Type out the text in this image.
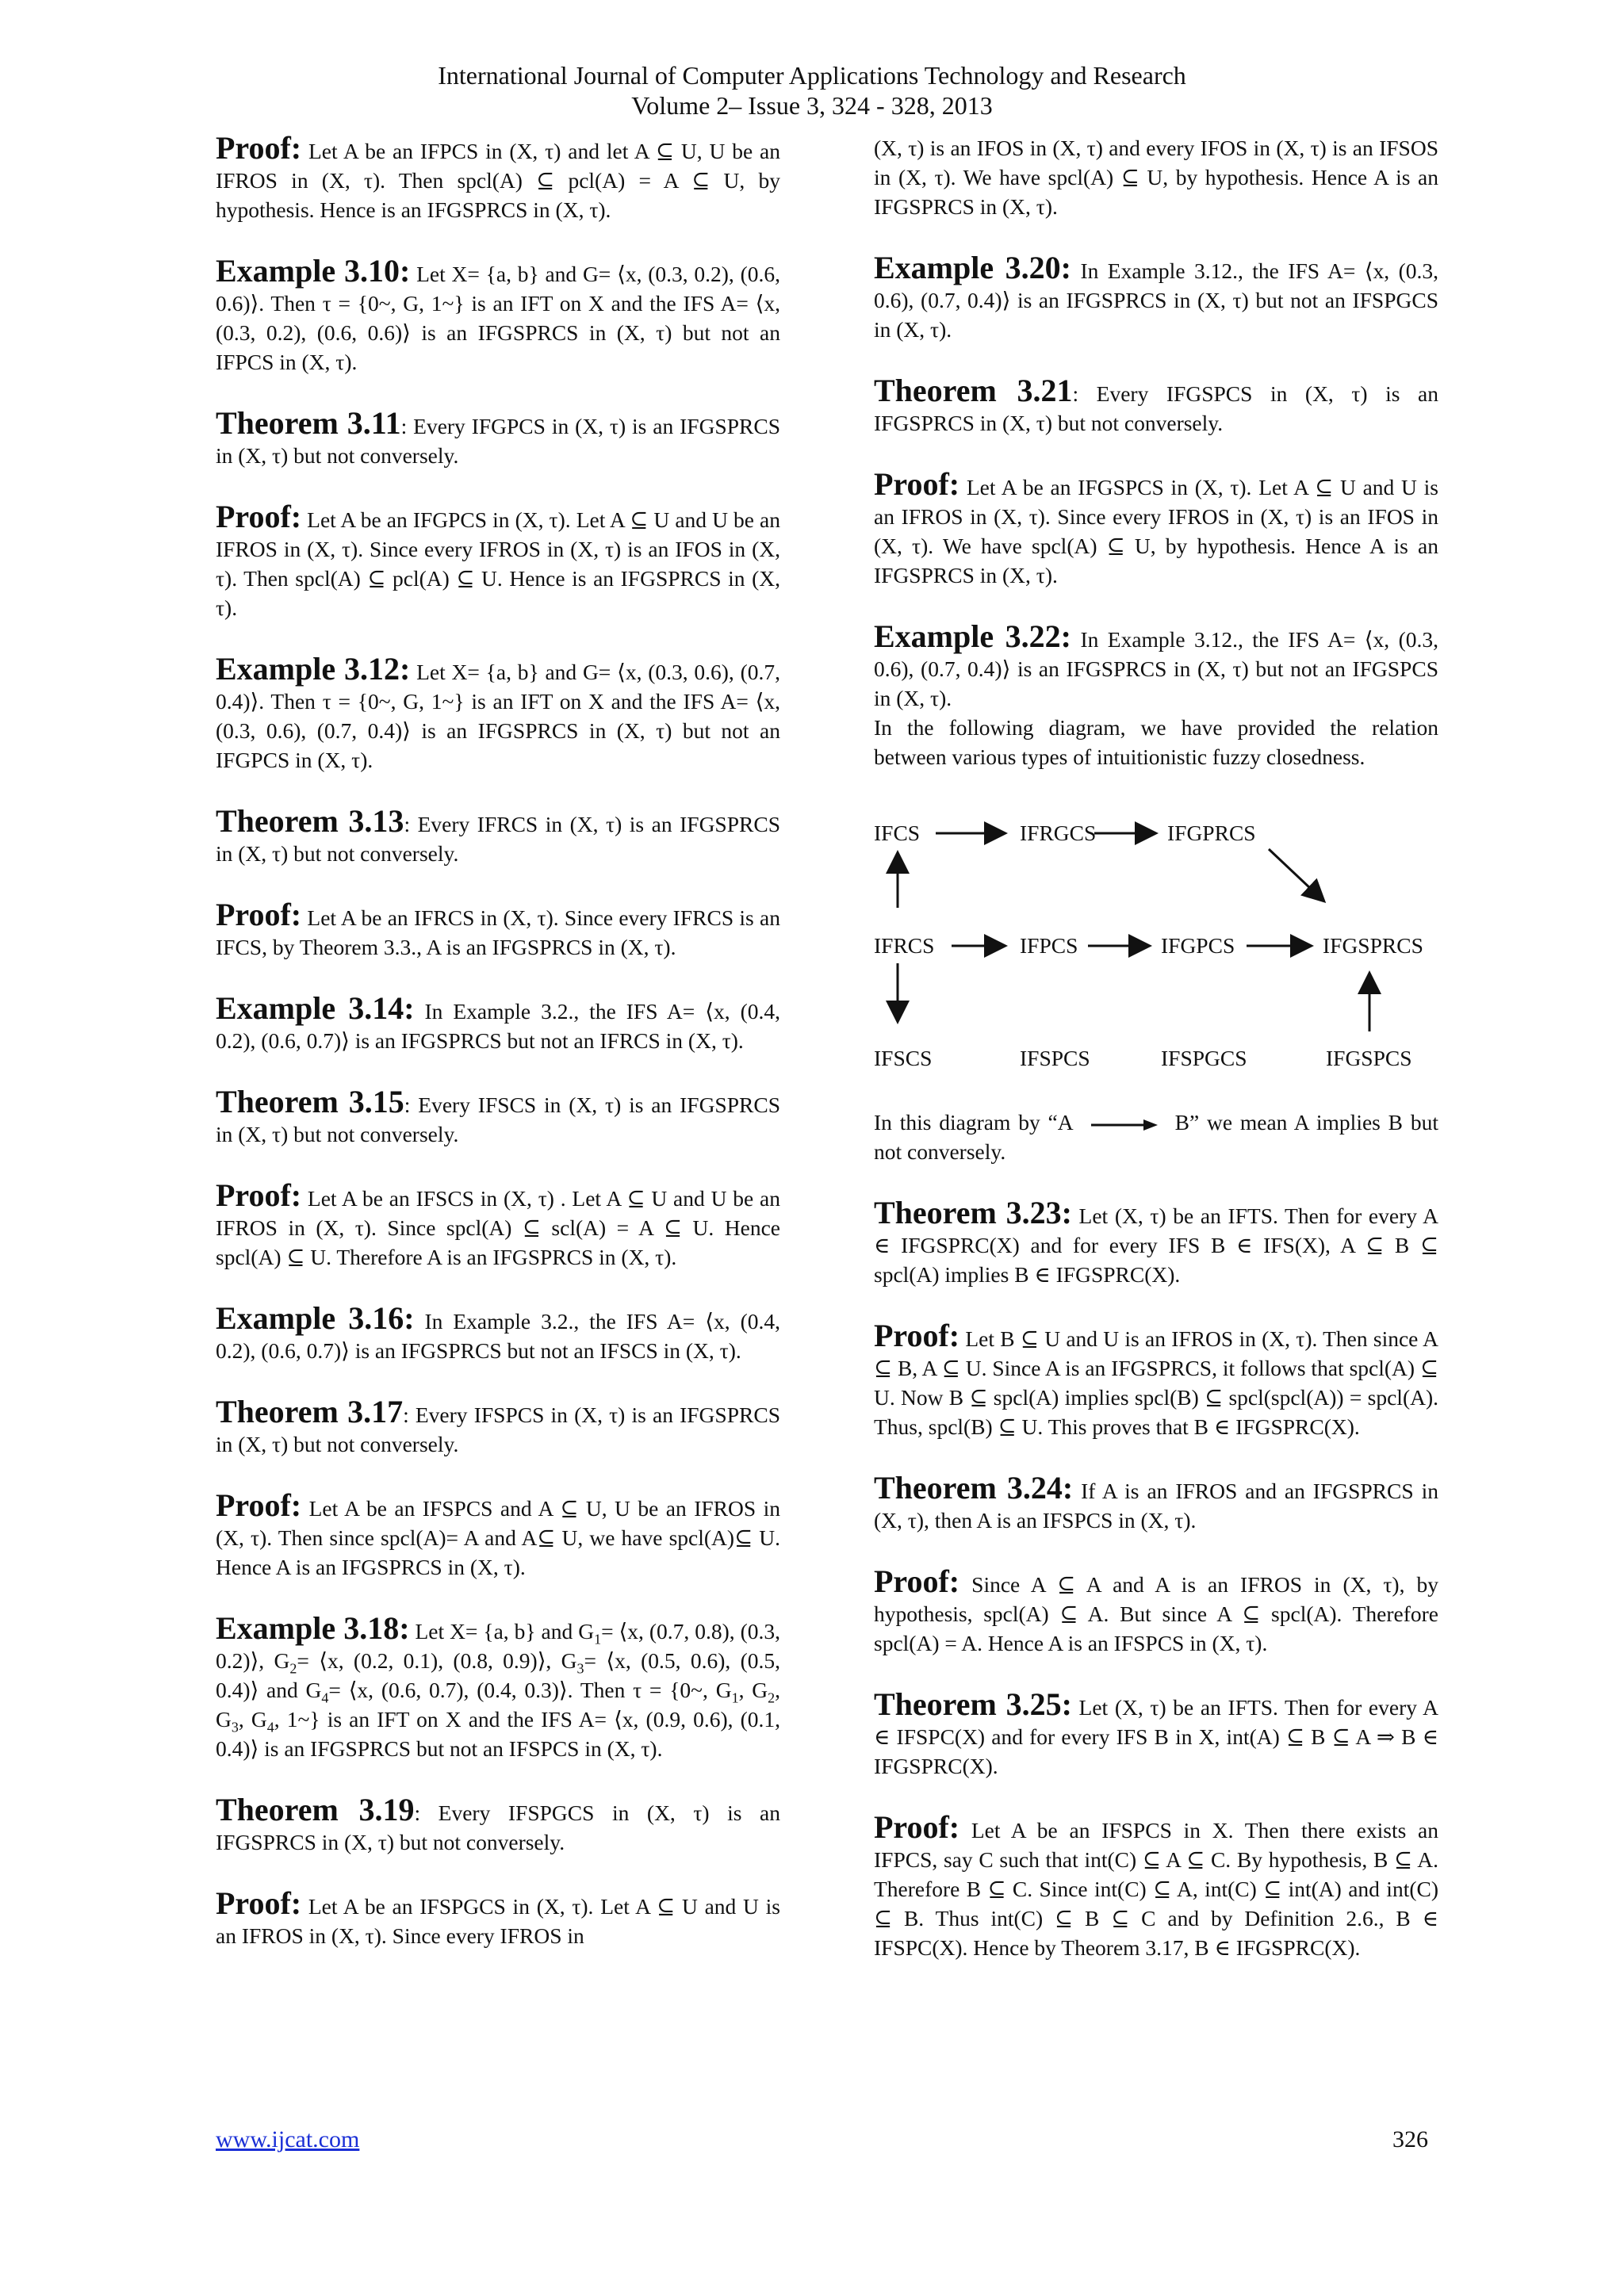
International Journal of Computer Applications Technology and Research
Volume 2– Issue 3, 324 - 328, 2013
Proof: Let A be an IFPCS in (X, τ) and let A ⊆ U, U be an IFROS in (X, τ). Then spcl(A) ⊆ pcl(A) = A ⊆ U, by hypothesis. Hence is an IFGSPRCS in (X, τ).
Example 3.10: Let X= {a, b} and G= ⟨x, (0.3, 0.2), (0.6, 0.6)⟩. Then τ = {0~, G, 1~} is an IFT on X and the IFS A= ⟨x, (0.3, 0.2), (0.6, 0.6)⟩ is an IFGSPRCS in (X, τ) but not an IFPCS in (X, τ).
Theorem 3.11: Every IFGPCS in (X, τ) is an IFGSPRCS in (X, τ) but not conversely.
Proof: Let A be an IFGPCS in (X, τ). Let A ⊆ U and U be an IFROS in (X, τ). Since every IFROS in (X, τ) is an IFOS in (X, τ). Then spcl(A) ⊆ pcl(A) ⊆ U. Hence is an IFGSPRCS in (X, τ).
Example 3.12: Let X= {a, b} and G= ⟨x, (0.3, 0.6), (0.7, 0.4)⟩. Then τ = {0~, G, 1~} is an IFT on X and the IFS A= ⟨x, (0.3, 0.6), (0.7, 0.4)⟩ is an IFGSPRCS in (X, τ) but not an IFGPCS in (X, τ).
Theorem 3.13: Every IFRCS in (X, τ) is an IFGSPRCS in (X, τ) but not conversely.
Proof: Let A be an IFRCS in (X, τ). Since every IFRCS is an IFCS, by Theorem 3.3., A is an IFGSPRCS in (X, τ).
Example 3.14: In Example 3.2., the IFS A= ⟨x, (0.4, 0.2), (0.6, 0.7)⟩ is an IFGSPRCS but not an IFRCS in (X, τ).
Theorem 3.15: Every IFSCS in (X, τ) is an IFGSPRCS in (X, τ) but not conversely.
Proof: Let A be an IFSCS in (X, τ) . Let A ⊆ U and U be an IFROS in (X, τ). Since spcl(A) ⊆ scl(A) = A ⊆ U. Hence spcl(A) ⊆ U. Therefore A is an IFGSPRCS in (X, τ).
Example 3.16: In Example 3.2., the IFS A= ⟨x, (0.4, 0.2), (0.6, 0.7)⟩ is an IFGSPRCS but not an IFSCS in (X, τ).
Theorem 3.17: Every IFSPCS in (X, τ) is an IFGSPRCS in (X, τ) but not conversely.
Proof: Let A be an IFSPCS and A ⊆ U, U be an IFROS in (X, τ). Then since spcl(A)= A and A⊆ U, we have spcl(A)⊆ U. Hence A is an IFGSPRCS in (X, τ).
Example 3.18: Let X= {a, b} and $G_1=$ ⟨x, (0.7, 0.8), (0.3, 0.2)⟩, $G_2=$ ⟨x, (0.2, 0.1), (0.8, 0.9)⟩, $G_3=$ ⟨x, (0.5, 0.6), (0.5, 0.4)⟩ and $G_4=$ ⟨x, (0.6, 0.7), (0.4, 0.3)⟩. Then τ = {0~, $G_1$, $G_2$, $G_3$, $G_4$, 1~} is an IFT on X and the IFS A= ⟨x, (0.9, 0.6), (0.1, 0.4)⟩ is an IFGSPRCS but not an IFSPCS in (X, τ).
Theorem 3.19: Every IFSPGCS in (X, τ) is an IFGSPRCS in (X, τ) but not conversely.
Proof: Let A be an IFSPGCS in (X, τ). Let A ⊆ U and U is an IFROS in (X, τ). Since every IFROS in
(X, τ) is an IFOS in (X, τ) and every IFOS in (X, τ) is an IFSOS in (X, τ). We have spcl(A) ⊆ U, by hypothesis. Hence A is an IFGSPRCS in (X, τ).
Example 3.20: In Example 3.12., the IFS A= ⟨x, (0.3, 0.6), (0.7, 0.4)⟩ is an IFGSPRCS in (X, τ) but not an IFSPGCS in (X, τ).
Theorem 3.21: Every IFGSPCS in (X, τ) is an IFGSPRCS in (X, τ) but not conversely.
Proof: Let A be an IFGSPCS in (X, τ). Let A ⊆ U and U is an IFROS in (X, τ). Since every IFROS in (X, τ) is an IFOS in (X, τ). We have spcl(A) ⊆ U, by hypothesis. Hence A is an IFGSPRCS in (X, τ).
Example 3.22: In Example 3.12., the IFS A= ⟨x, (0.3, 0.6), (0.7, 0.4)⟩ is an IFGSPRCS in (X, τ) but not an IFGSPCS in (X, τ).
In the following diagram, we have provided the relation between various types of intuitionistic fuzzy closedness.
IFCS	IFRGCS	IFGPRCS
IFRCS	IFPCS	IFGPCS	IFGSPRCS
IFSCS	IFSPCS	IFSPGCS	IFGSPCS
In this diagram by “A	B” we mean A implies B but not conversely.
Theorem 3.23: Let (X, τ) be an IFTS. Then for every A ∈ IFGSPRC(X) and for every IFS B ∈ IFS(X), A ⊆ B ⊆ spcl(A) implies B ∈ IFGSPRC(X).
Proof: Let B ⊆ U and U is an IFROS in (X, τ). Then since A ⊆ B, A ⊆ U. Since A is an IFGSPRCS, it follows that spcl(A) ⊆ U. Now B ⊆ spcl(A) implies spcl(B) ⊆ spcl(spcl(A)) = spcl(A). Thus, spcl(B) ⊆ U. This proves that B ∈ IFGSPRC(X).
Theorem 3.24: If A is an IFROS and an IFGSPRCS in (X, τ), then A is an IFSPCS in (X, τ).
Proof: Since A ⊆ A and A is an IFROS in (X, τ), by hypothesis, spcl(A) ⊆ A. But since A ⊆ spcl(A). Therefore spcl(A) = A. Hence A is an IFSPCS in (X, τ).
Theorem 3.25: Let (X, τ) be an IFTS. Then for every A ∈ IFSPC(X) and for every IFS B in X, int(A) ⊆ B ⊆ A ⇒ B ∈ IFGSPRC(X).
Proof: Let A be an IFSPCS in X. Then there exists an IFPCS, say C such that int(C) ⊆ A ⊆ C. By hypothesis, B ⊆ A. Therefore B ⊆ C. Since int(C) ⊆ A, int(C) ⊆ int(A) and int(C) ⊆ B. Thus int(C) ⊆ B ⊆ C and by Definition 2.6., B ∈ IFSPC(X). Hence by Theorem 3.17, B ∈ IFGSPRC(X).
www.ijcat.com	326
